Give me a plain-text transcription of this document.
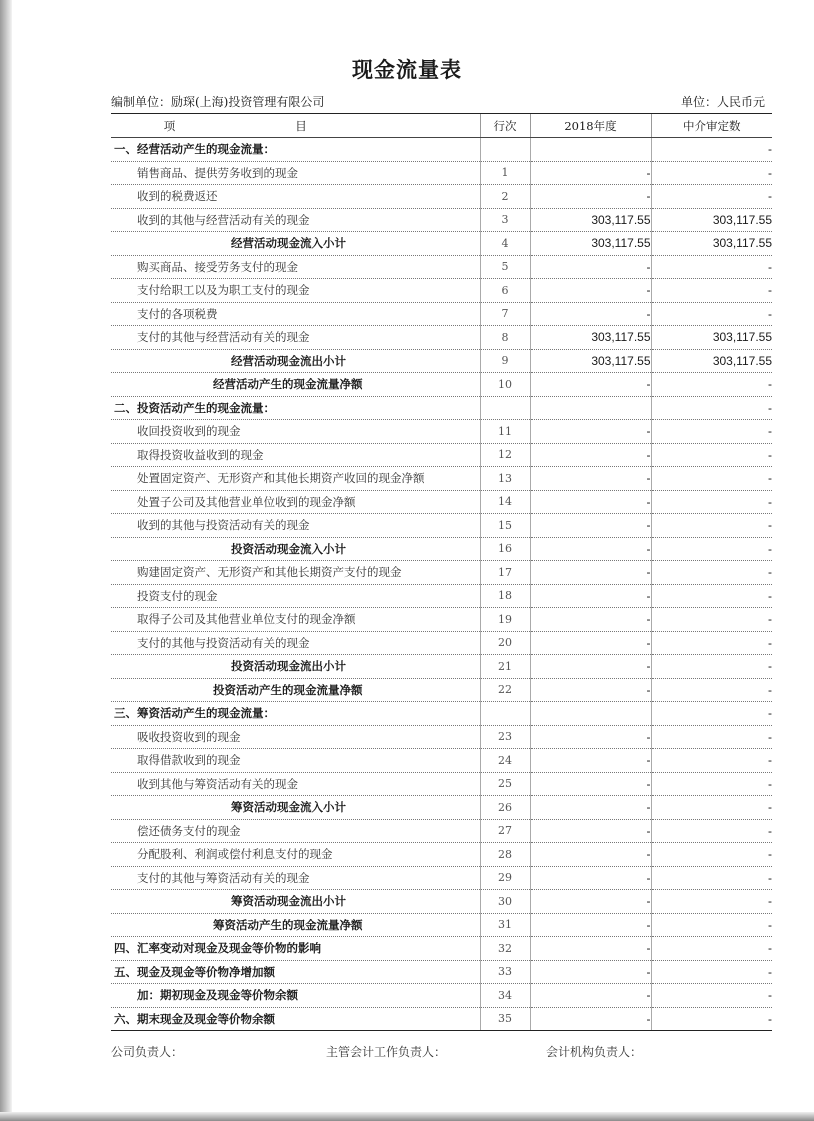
现金流量表
编制单位：励琛(上海)投资管理有限公司	单位：人民币元
项目	行次	2018年度	中介审定数
一、经营活动产生的现金流量：			-
销售商品、提供劳务收到的现金	1	-	-
收到的税费返还	2	-	-
收到的其他与经营活动有关的现金	3	303,117.55	303,117.55
经营活动现金流入小计	4	303,117.55	303,117.55
购买商品、接受劳务支付的现金	5	-	-
支付给职工以及为职工支付的现金	6	-	-
支付的各项税费	7	-	-
支付的其他与经营活动有关的现金	8	303,117.55	303,117.55
经营活动现金流出小计	9	303,117.55	303,117.55
经营活动产生的现金流量净额	10	-	-
二、投资活动产生的现金流量：			-
收回投资收到的现金	11	-	-
取得投资收益收到的现金	12	-	-
处置固定资产、无形资产和其他长期资产收回的现金净额	13	-	-
处置子公司及其他营业单位收到的现金净额	14	-	-
收到的其他与投资活动有关的现金	15	-	-
投资活动现金流入小计	16	-	-
购建固定资产、无形资产和其他长期资产支付的现金	17	-	-
投资支付的现金	18	-	-
取得子公司及其他营业单位支付的现金净额	19	-	-
支付的其他与投资活动有关的现金	20	-	-
投资活动现金流出小计	21	-	-
投资活动产生的现金流量净额	22	-	-
三、筹资活动产生的现金流量：			-
吸收投资收到的现金	23	-	-
取得借款收到的现金	24	-	-
收到其他与筹资活动有关的现金	25	-	-
筹资活动现金流入小计	26	-	-
偿还债务支付的现金	27	-	-
分配股利、利润或偿付利息支付的现金	28	-	-
支付的其他与筹资活动有关的现金	29	-	-
筹资活动现金流出小计	30	-	-
筹资活动产生的现金流量净额	31	-	-
四、汇率变动对现金及现金等价物的影响	32	-	-
五、现金及现金等价物净增加额	33	-	-
加：期初现金及现金等价物余额	34	-	-
六、期末现金及现金等价物余额	35	-	-
公司负责人：	主管会计工作负责人：	会计机构负责人：
